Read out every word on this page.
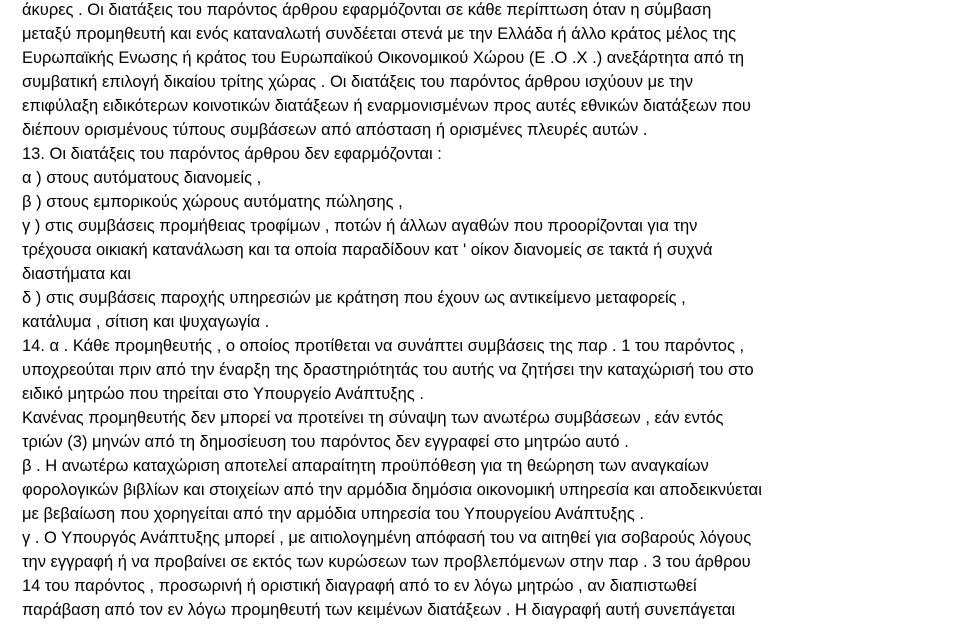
άκυρες . Οι διατάξεις του παρόντος άρθρου εφαρμόζονται σε κάθε περίπτωση όταν η σύμβαση
μεταξύ προμηθευτή και ενός καταναλωτή συνδέεται στενά με την Ελλάδα ή άλλο κράτος μέλος της
Ευρωπαϊκής Ενωσης ή κράτος του Ευρωπαϊκού Οικονομικού Χώρου (Ε .Ο .Χ .) ανεξάρτητα από τη
συμβατική επιλογή δικαίου τρίτης χώρας . Οι διατάξεις του παρόντος άρθρου ισχύουν με την
επιφύλαξη ειδικότερων κοινοτικών διατάξεων ή εναρμονισμένων προς αυτές εθνικών διατάξεων που
διέπουν ορισμένους τύπους συμβάσεων από απόσταση ή ορισμένες πλευρές αυτών .
13. Οι διατάξεις του παρόντος άρθρου δεν εφαρμόζονται :
α ) στους αυτόματους διανομείς ,
β ) στους εμπορικούς χώρους αυτόματης πώλησης ,
γ ) στις συμβάσεις προμήθειας τροφίμων , ποτών ή άλλων αγαθών που προορίζονται για την
τρέχουσα οικιακή κατανάλωση και τα οποία παραδίδουν κατ ' οίκον διανομείς σε τακτά ή συχνά
διαστήματα και
δ ) στις συμβάσεις παροχής υπηρεσιών με κράτηση που έχουν ως αντικείμενο μεταφορείς ,
κατάλυμα , σίτιση και ψυχαγωγία .
14. α . Κάθε προμηθευτής , ο οποίος προτίθεται να συνάπτει συμβάσεις της παρ . 1 του παρόντος ,
υποχρεούται πριν από την έναρξη της δραστηριότητάς του αυτής να ζητήσει την καταχώρισή του στο
ειδικό μητρώο που τηρείται στο Υπουργείο Ανάπτυξης .
Κανένας προμηθευτής δεν μπορεί να προτείνει τη σύναψη των ανωτέρω συμβάσεων , εάν εντός
τριών (3) μηνών από τη δημοσίευση του παρόντος δεν εγγραφεί στο μητρώο αυτό .
β . Η ανωτέρω καταχώριση αποτελεί απαραίτητη προϋπόθεση για τη θεώρηση των αναγκαίων
φορολογικών βιβλίων και στοιχείων από την αρμόδια δημόσια οικονομική υπηρεσία και αποδεικνύεται
με βεβαίωση που χορηγείται από την αρμόδια υπηρεσία του Υπουργείου Ανάπτυξης .
γ . Ο Υπουργός Ανάπτυξης μπορεί , με αιτιολογημένη απόφασή του να αιτηθεί για σοβαρούς λόγους
την εγγραφή ή να προβαίνει σε εκτός των κυρώσεων των προβλεπόμενων στην παρ . 3 του άρθρου
14 του παρόντος , προσωρινή ή οριστική διαγραφή από το εν λόγω μητρώο , αν διαπιστωθεί
παράβαση από τον εν λόγω προμηθευτή των κειμένων διατάξεων . Η διαγραφή αυτή συνεπάγεται
